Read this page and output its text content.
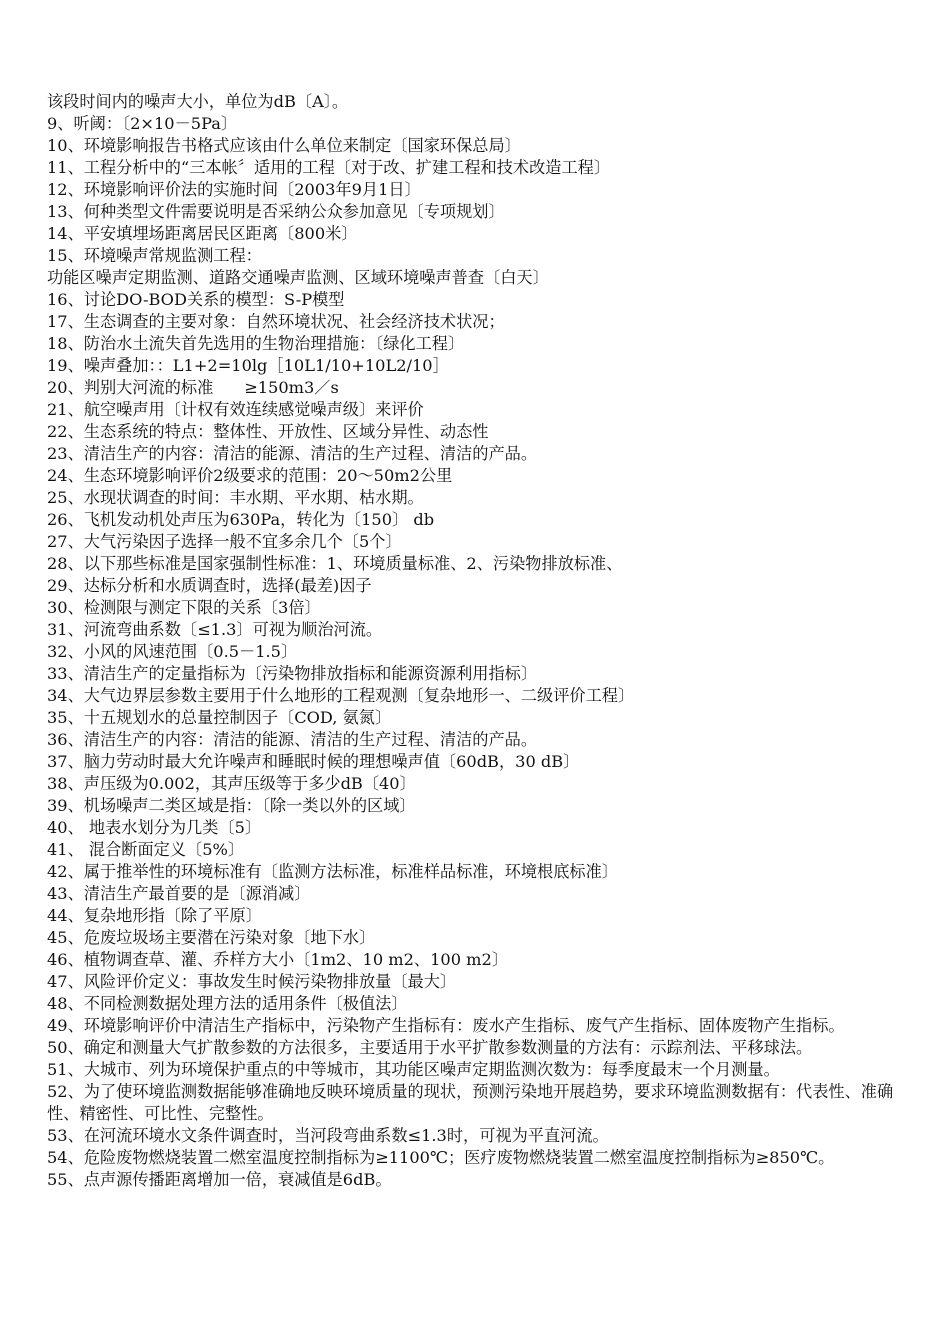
该段时间内的噪声大小，单位为dB〔A〕。

9、听阈：〔2×10－5Pa〕

10、环境影响报告书格式应该由什么单位来制定〔国家环保总局〕

11、工程分析中的“三本帐〞适用的工程〔对于改、扩建工程和技术改造工程〕

12、环境影响评价法的实施时间〔2003年9月1日〕

13、何种类型文件需要说明是否采纳公众参加意见〔专项规划〕

14、平安填埋场距离居民区距离〔800米〕

15、环境噪声常规监测工程：

功能区噪声定期监测、道路交通噪声监测、区域环境噪声普查〔白天〕

16、讨论DO-BOD关系的模型：S-P模型

17、生态调查的主要对象：自然环境状况、社会经济技术状况；

18、防治水土流失首先选用的生物治理措施：〔绿化工程〕

19、噪声叠加：：L1+2=10lg［10L1/10+10L2/10］

20、判别大河流的标准      ≥150m3／s

21、航空噪声用〔计权有效连续感觉噪声级〕来评价

22、生态系统的特点：整体性、开放性、区域分异性、动态性

23、清洁生产的内容：清洁的能源、清洁的生产过程、清洁的产品。

24、生态环境影响评价2级要求的范围：20～50m2公里

25、水现状调查的时间：丰水期、平水期、枯水期。

26、飞机发动机处声压为630Pa，转化为〔150〕 db

27、大气污染因子选择一般不宜多余几个〔5个〕

28、以下那些标准是国家强制性标准：1、环境质量标准、2、污染物排放标准、

29、达标分析和水质调查时，选择(最差)因子

30、检测限与测定下限的关系〔3倍〕

31、河流弯曲系数〔≤1.3〕可视为顺治河流。

32、小风的风速范围〔0.5－1.5〕

33、清洁生产的定量指标为〔污染物排放指标和能源资源利用指标〕

34、大气边界层参数主要用于什么地形的工程观测〔复杂地形一、二级评价工程〕

35、十五规划水的总量控制因子〔COD, 氨氮〕

36、清洁生产的内容：清洁的能源、清洁的生产过程、清洁的产品。

37、脑力劳动时最大允许噪声和睡眠时候的理想噪声值〔60dB，30 dB〕

38、声压级为0.002，其声压级等于多少dB〔40〕

39、机场噪声二类区域是指：〔除一类以外的区域〕

40、 地表水划分为几类〔5〕

41、 混合断面定义〔5%〕

42、属于推举性的环境标准有〔监测方法标准，标准样品标准，环境根底标准〕

43、清洁生产最首要的是〔源消减〕

44、复杂地形指〔除了平原〕

45、危废垃圾场主要潜在污染对象〔地下水〕

46、植物调查草、灌、乔样方大小〔1m2、10 m2、100 m2〕

47、风险评价定义：事故发生时候污染物排放量〔最大〕

48、不同检测数据处理方法的适用条件〔极值法〕

49、环境影响评价中清洁生产指标中，污染物产生指标有：废水产生指标、废气产生指标、固体废物产生指标。

50、确定和测量大气扩散参数的方法很多，主要适用于水平扩散参数测量的方法有：示踪剂法、平移球法。

51、大城市、列为环境保护重点的中等城市，其功能区噪声定期监测次数为：每季度最末一个月测量。

52、为了使环境监测数据能够准确地反映环境质量的现状，预测污染地开展趋势，要求环境监测数据有：代表性、准确性、精密性、可比性、完整性。

53、在河流环境水文条件调查时，当河段弯曲系数≤1.3时，可视为平直河流。

54、危险废物燃烧装置二燃室温度控制指标为≥1100℃；医疗废物燃烧装置二燃室温度控制指标为≥850℃。

55、点声源传播距离增加一倍，衰减值是6dB。
